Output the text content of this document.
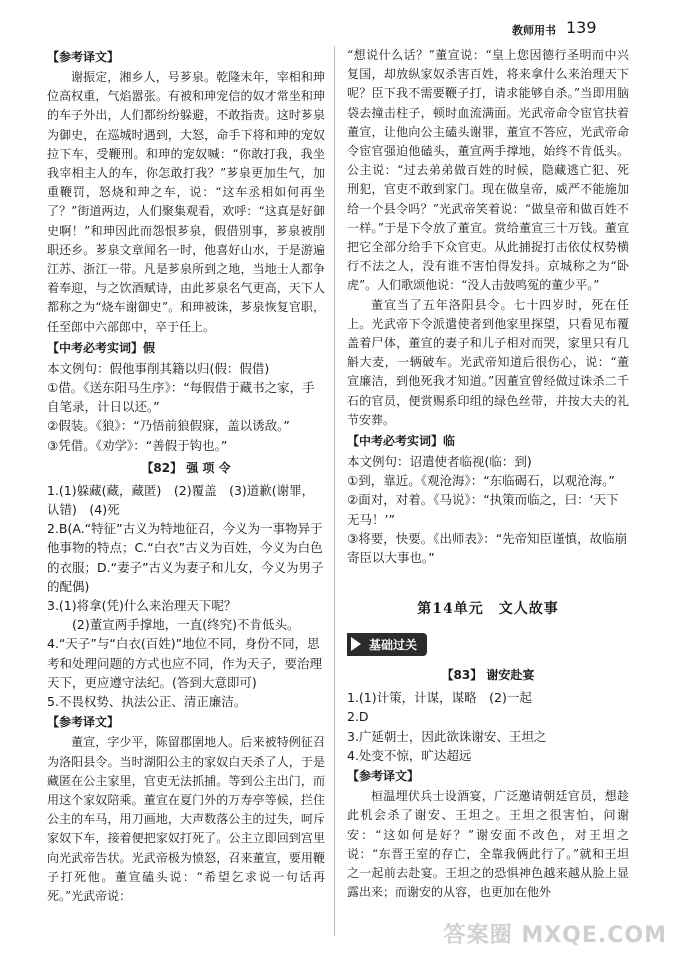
教师用书 139
【参考译文】

谢振定，湘乡人，号芗泉。乾隆末年，宰相和珅位高权重，气焰嚣张。有被和珅宠信的奴才常坐和珅的车子外出，人们都纷纷躲避，不敢指责。这时芗泉为御史，在巡城时遇到，大怒，命手下将和珅的宠奴拉下车，受鞭刑。和珅的宠奴喊：“你敢打我，我坐我宰相主人的车，你怎敢打我？”芗泉更加生气，加重鞭罚，怒烧和珅之车，说：“这车丞相如何再坐了？”街道两边，人们聚集观看，欢呼：“这真是好御史啊！”和珅因此而怨恨芗泉，假借別事，芗泉被削职还乡。芗泉文章闻名一时，他喜好山水，于是游遍江苏、浙江一带。凡是芗泉所到之地，当地士人都争着奉迎，与之饮酒赋诗，由此芗泉名气更高，天下人都称之为“烧车谢御史”。和珅被诛，芗泉恢复官职，任至郎中六部郎中，卒于任上。

【中考必考实词】假

本文例句：假他事削其籍以归(假：假借)

①借。《送东阳马生序》：“每假借于藏书之家，手自笔录，计日以还。”

②假装。《狼》：“乃悟前狼假寐，盖以诱敌。”

③凭借。《劝学》：“善假于钩也。”

【82】 强 项 令

1.(1)躲藏(藏，藏匿)　(2)覆盖　(3)道歉(谢罪，认错)　(4)死

2.B(A.“特征”古义为特地征召，今义为一事物异于他事物的特点；C.“白衣”古义为百姓，今义为白色的衣服；D.“妻子”古义为妻子和儿女，今义为男子的配偶)

3.(1)将拿(凭)什么来治理天下呢？

(2)董宣两手撑地，一直(终究)不肯低头。

4.“天子”与“白衣(百姓)”地位不同，身份不同，思考和处理问题的方式也应不同，作为天子，要治理天下，更应遵守法纪。(答到大意即可)

5.不畏权势、执法公正、清正廉洁。

【参考译文】

董宣，字少平，陈留郡圉地人。后来被特例征召为洛阳县令。当时湖阳公主的家奴白天杀了人，于是藏匿在公主家里，官吏无法抓捕。等到公主出门，而用这个家奴陪乘。董宣在夏门外的万寿亭等候，拦住公主的车马，用刀画地，大声数落公主的过失，呵斥家奴下车，接着便把家奴打死了。公主立即回到宫里向光武帝告状。光武帝极为愤怒，召来董宣，要用鞭子打死他。董宣磕头说：“希望乞求说一句话再死。”光武帝说：

“想说什么话？”董宣说：“皇上您因德行圣明而中兴复国，却放纵家奴杀害百姓，将来拿什么来治理天下呢？臣下我不需要鞭子打，请求能够自杀。”当即用脑袋去撞击柱子，顿时血流满面。光武帝命令宦官扶着董宣，让他向公主磕头谢罪，董宣不答应，光武帝命令宦官强迫他磕头，董宣两手撑地，始终不肯低头。公主说：“过去弟弟做百姓的时候，隐藏逃亡犯、死刑犯，官吏不敢到家门。现在做皇帝，威严不能施加给一个县令吗？”光武帝笑着说：“做皇帝和做百姓不一样。”于是下令放了董宣。赏给董宣三十万钱。董宣把它全部分给手下众官吏。从此捕捉打击依仗权势横行不法之人，没有谁不害怕得发抖。京城称之为“卧虎”。人们歌颂他说：“没人击鼓鸣冤的董少平。”

董宣当了五年洛阳县令。七十四岁时，死在任上。光武帝下令派遣使者到他家里探望，只看见布覆盖着尸体，董宣的妻子和儿子相对而哭，家里只有几斛大麦，一辆破车。光武帝知道后很伤心，说：“董宣廉洁，到他死我才知道。”因董宣曾经做过诛杀二千石的官员，便赏赐系印组的绿色丝带，并按大夫的礼节安葬。

【中考必考实词】临

本文例句：诏遣使者临视(临：到)

①到，靠近。《观沧海》：“东临碣石，以观沧海。”

②面对，对着。《马说》：“执策而临之，曰：‘天下无马！’”

③将要，快要。《出师表》：“先帝知臣谨慎，故临崩寄臣以大事也。”

第14单元　文人故事
基础过关
【83】 谢安赴宴

1.(1)计策，计谋，谋略　(2)一起

2.D

3.广延朝士，因此欲诛谢安、王坦之

4.处变不惊，旷达超远

【参考译文】

桓温埋伏兵士设酒宴，广泛邀请朝廷官员，想趁此机会杀了谢安、王坦之。王坦之很害怕，问谢安：“这如何是好？”谢安面不改色，对王坦之说：“东晋王室的存亡，全靠我俩此行了。”就和王坦之一起前去赴宴。王坦之的恐惧神色越来越从脸上显露出来；而谢安的从容，也更加在他外

答案圈 MXQE.COM
